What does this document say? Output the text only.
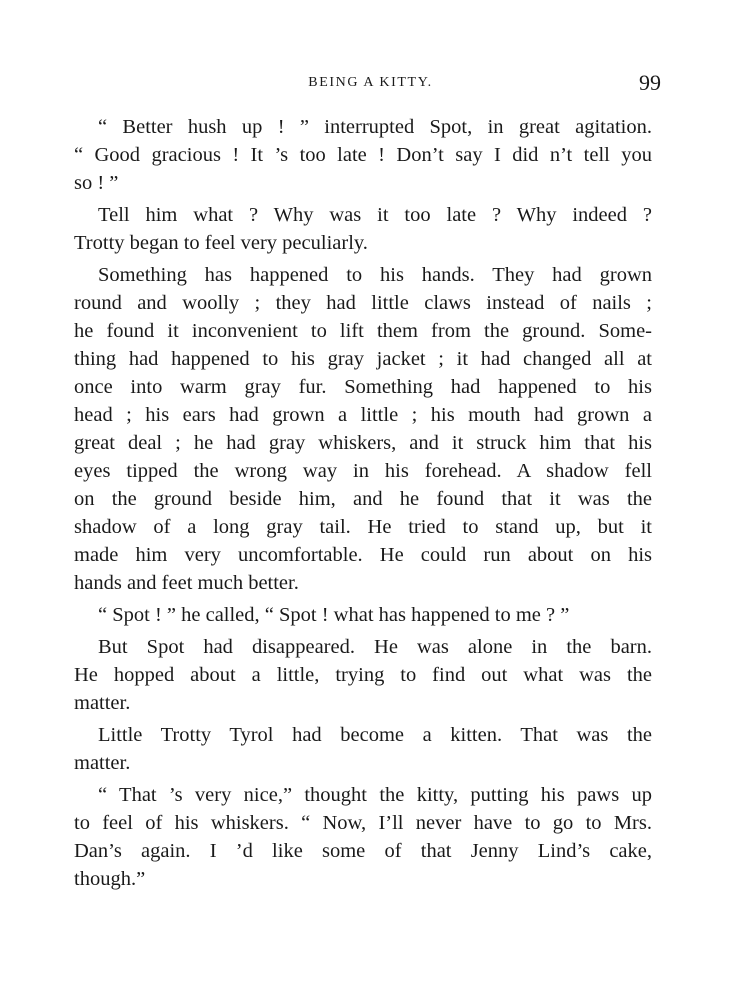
BEING A KITTY.	99
“ Better hush up ! ” interrupted Spot, in great agitation.
“ Good gracious ! It ’s too late ! Don’t say I did n’t tell you
so ! ”
Tell him what ? Why was it too late ? Why indeed ?
Trotty began to feel very peculiarly.
Something has happened to his hands. They had grown
round and woolly ; they had little claws instead of nails ;
he found it inconvenient to lift them from the ground. Some-
thing had happened to his gray jacket ; it had changed all at
once into warm gray fur. Something had happened to his
head ; his ears had grown a little ; his mouth had grown a
great deal ; he had gray whiskers, and it struck him that his
eyes tipped the wrong way in his forehead. A shadow fell
on the ground beside him, and he found that it was the
shadow of a long gray tail. He tried to stand up, but it
made him very uncomfortable. He could run about on his
hands and feet much better.
“ Spot ! ” he called, “ Spot ! what has happened to me ? ”
But Spot had disappeared. He was alone in the barn.
He hopped about a little, trying to find out what was the
matter.
Little Trotty Tyrol had become a kitten. That was the
matter.
“ That ’s very nice,” thought the kitty, putting his paws up
to feel of his whiskers. “ Now, I’ll never have to go to Mrs.
Dan’s again. I ’d like some of that Jenny Lind’s cake,
though.”
